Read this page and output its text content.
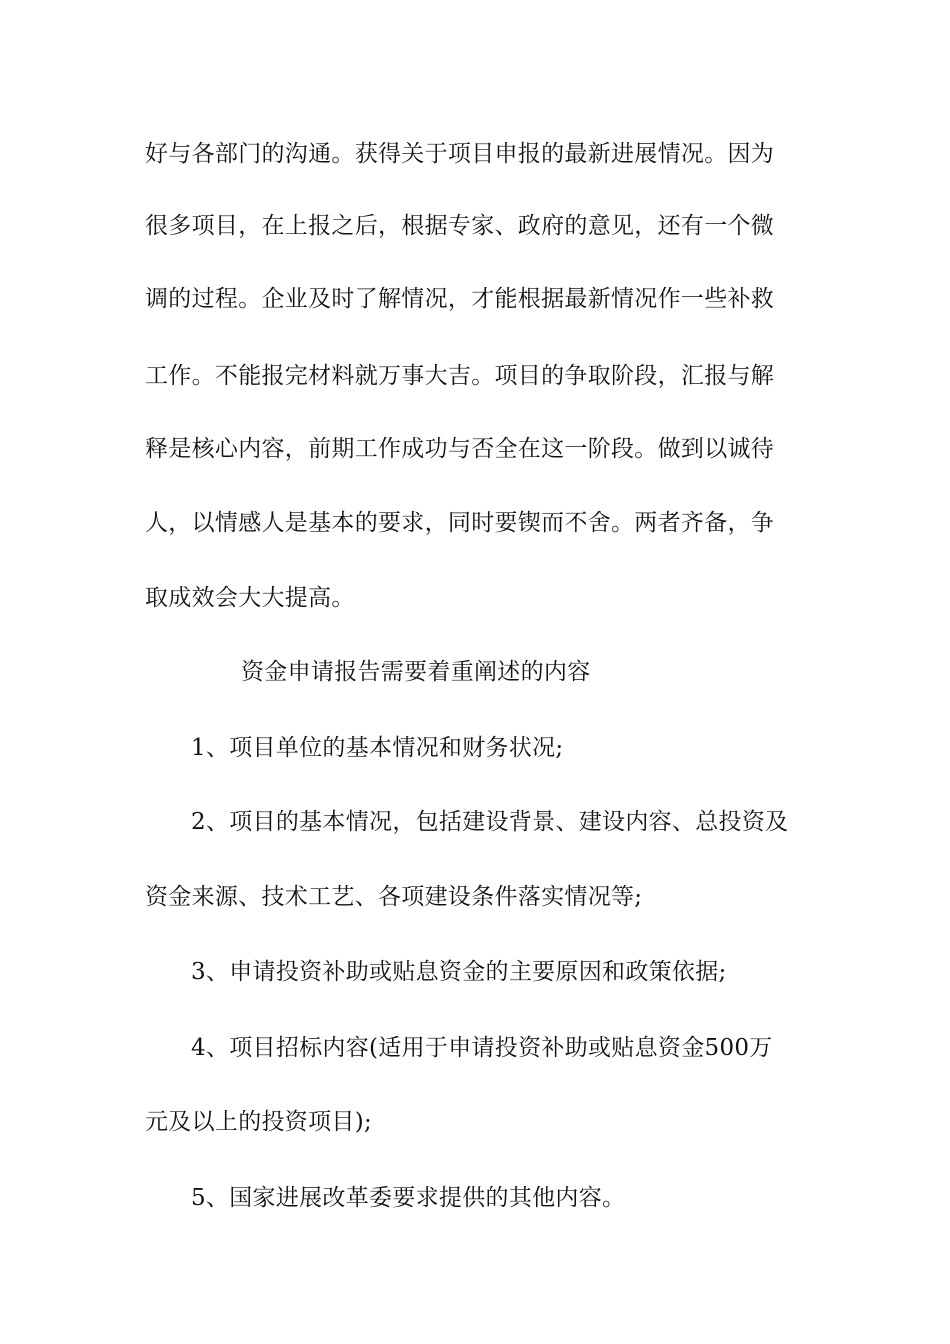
好与各部门的沟通。获得关于项目申报的最新进展情况。因为
很多项目，在上报之后，根据专家、政府的意见，还有一个微
调的过程。企业及时了解情况，才能根据最新情况作一些补救
工作。不能报完材料就万事大吉。项目的争取阶段，汇报与解
释是核心内容，前期工作成功与否全在这一阶段。做到以诚待
人，以情感人是基本的要求，同时要锲而不舍。两者齐备，争
取成效会大大提高。
资金申请报告需要着重阐述的内容
1、项目单位的基本情况和财务状况;
2、项目的基本情况，包括建设背景、建设内容、总投资及
资金来源、技术工艺、各项建设条件落实情况等;
3、申请投资补助或贴息资金的主要原因和政策依据;
4、项目招标内容(适用于申请投资补助或贴息资金500万
元及以上的投资项目);
5、国家进展改革委要求提供的其他内容。
